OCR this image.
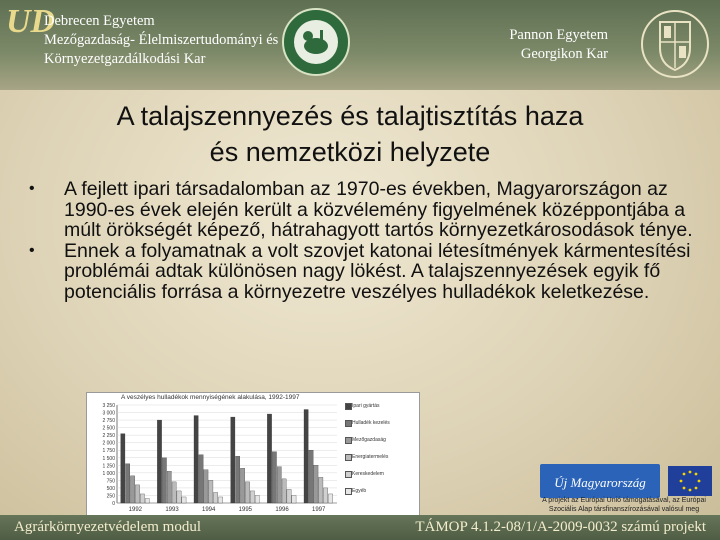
UD
Debrecen Egyetem
Mezőgazdaság- Élelmiszertudományi és
Környezetgazdálkodási Kar
Pannon Egyetem
Georgikon Kar
A talajszennyezés és talajtisztítás haza
és nemzetközi helyzete
• A fejlett ipari társadalomban az 1970-es években, Magyarországon az 1990-es évek elején került a közvélemény figyelmének középpontjába a múlt örökségét képező, hátrahagyott tartós környezetkárosodások ténye.
• Ennek a folyamatnak a volt szovjet katonai létesítmények kármentesítési problémái adtak különösen nagy lökést. A talajszennyezések egyik fő potenciális forrása a környezetre veszélyes hulladékok keletkezése.
A veszélyes hulladékok mennyiségének alakulása, 1992-1997
0
250
500
750
1 000
1 250
1 500
1 750
2 000
2 250
2 500
2 750
3 000
3 250
1992	1993	1994	1995	1996	1997
Ipari gyártás
Hulladék kezelés
Mezőgazdaság
Energiatermelés
Kereskedelem
Egyéb
Új Magyarország
A projekt az Európai Unió támogatásával, az Európai
Szociális Alap társfinanszírozásával valósul meg
Agrárkörnyezetvédelem modul	TÁMOP 4.1.2-08/1/A-2009-0032 számú projekt
